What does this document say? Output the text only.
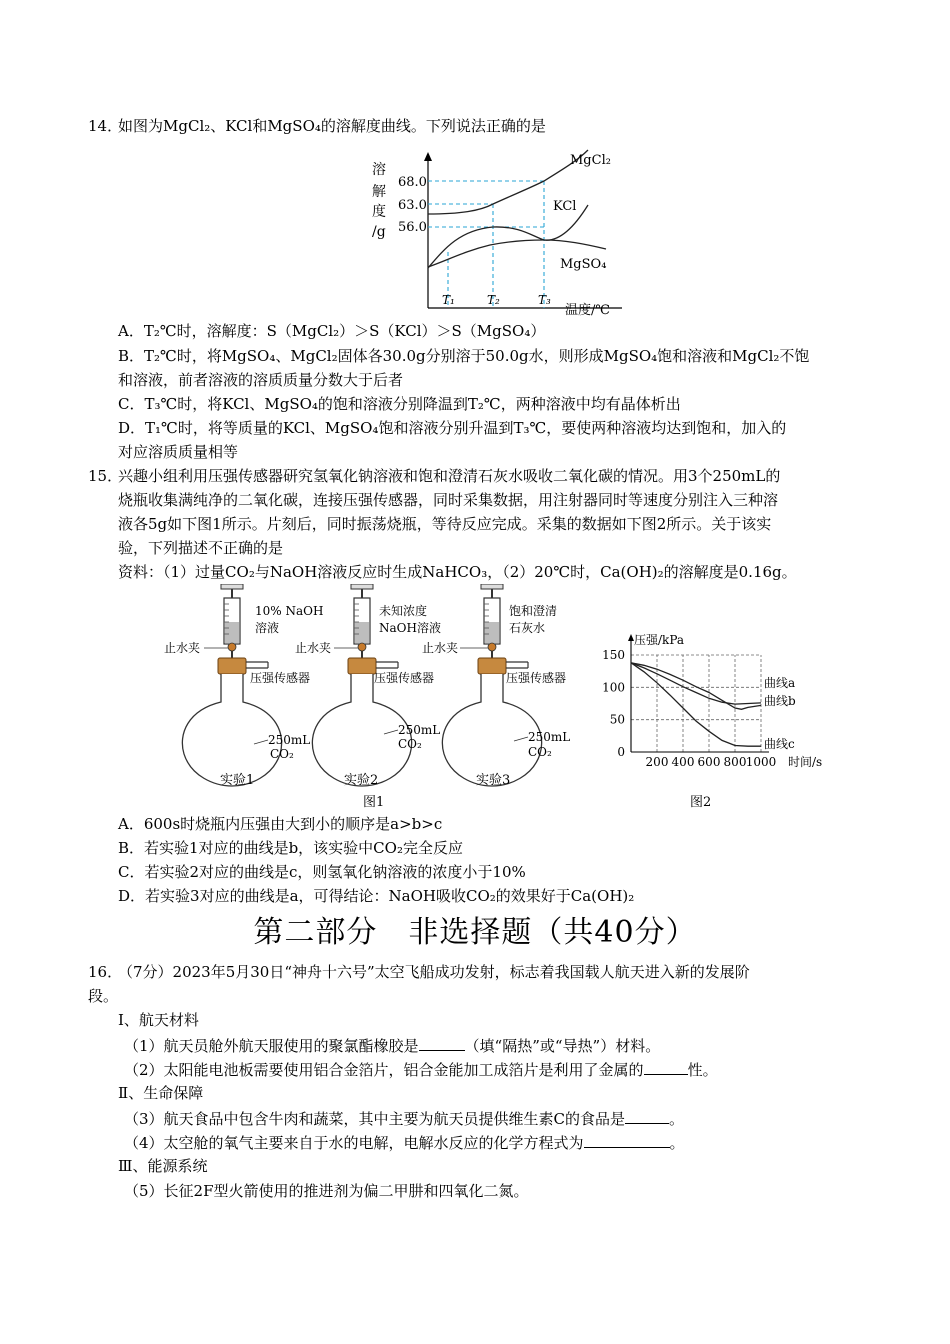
14．如图为MgCl₂、KCl和MgSO₄的溶解度曲线。下列说法正确的是
溶
解
度
/g
68.0
63.0
56.0
MgCl₂
KCl
MgSO₄
T₁	T₂	T₃
温度/℃
A．T₂℃时，溶解度：S（MgCl₂）＞S（KCl）＞S（MgSO₄）
B．T₂℃时，将MgSO₄、MgCl₂固体各30.0g分别溶于50.0g水，则形成MgSO₄饱和溶液和MgCl₂不饱
和溶液，前者溶液的溶质质量分数大于后者
C．T₃℃时，将KCl、MgSO₄的饱和溶液分别降温到T₂℃，两种溶液中均有晶体析出
D．T₁℃时，将等质量的KCl、MgSO₄饱和溶液分别升温到T₃℃，要使两种溶液均达到饱和，加入的
对应溶质质量相等
15．兴趣小组利用压强传感器研究氢氧化钠溶液和饱和澄清石灰水吸收二氧化碳的情况。用3个250mL的
烧瓶收集满纯净的二氧化碳，连接压强传感器，同时采集数据，用注射器同时等速度分别注入三种溶
液各5g如下图1所示。片刻后，同时振荡烧瓶，等待反应完成。采集的数据如下图2所示。关于该实
验，下列描述不正确的是
资料：（1）过量CO₂与NaOH溶液反应时生成NaHCO₃，（2）20℃时，Ca(OH)₂的溶解度是0.16g。
10% NaOH
溶液
未知浓度
NaOH溶液
饱和澄清
石灰水
止水夹	止水夹	止水夹
压强传感器	压强传感器	压强传感器
250mL
CO₂
250mL
CO₂	250mL
CO₂
实验1	实验2	实验3
图1
压强/kPa
时间/s
曲线a
曲线b
曲线c
图2
0
50
100
150
200 400 600 800 1000
A．600s时烧瓶内压强由大到小的顺序是a>b>c
B．若实验1对应的曲线是b，该实验中CO₂完全反应
C．若实验2对应的曲线是c，则氢氧化钠溶液的浓度小于10%
D．若实验3对应的曲线是a，可得结论：NaOH吸收CO₂的效果好于Ca(OH)₂
第二部分　非选择题（共40分）
16．（7分）2023年5月30日“神舟十六号”太空飞船成功发射，标志着我国载人航天进入新的发展阶
段。
Ⅰ、航天材料
（1）航天员舱外航天服使用的聚氯酯橡胶是	（填“隔热”或“导热”）材料。
（2）太阳能电池板需要使用铝合金箔片，铝合金能加工成箔片是利用了金属的	性。
Ⅱ、生命保障
（3）航天食品中包含牛肉和蔬菜，其中主要为航天员提供维生素C的食品是	。
（4）太空舱的氧气主要来自于水的电解，电解水反应的化学方程式为	。
Ⅲ、能源系统
（5）长征2F型火箭使用的推进剂为偏二甲肼和四氧化二氮。
